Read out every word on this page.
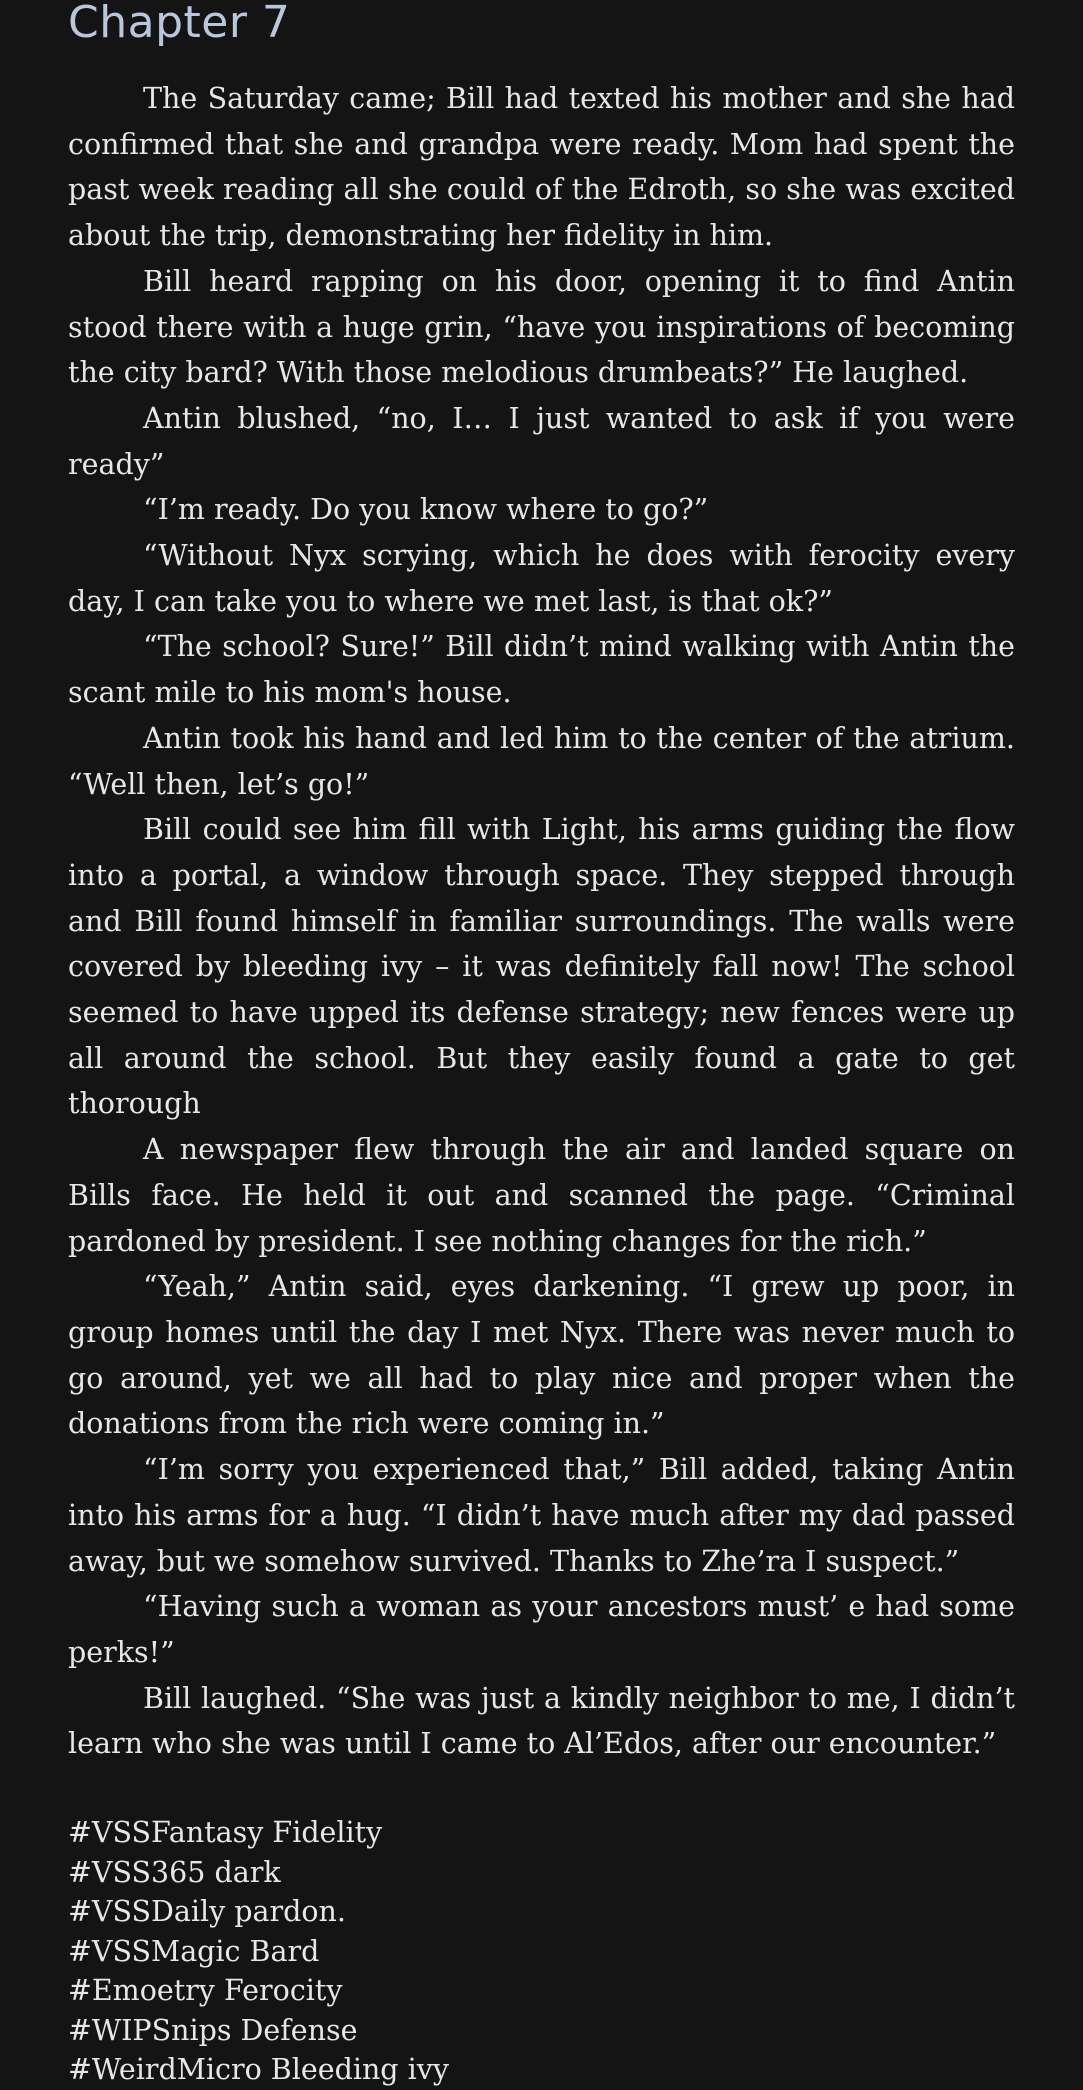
Chapter 7

The Saturday came; Bill had texted his mother and she had confirmed that she and grandpa were ready. Mom had spent the past week reading all she could of the Edroth, so she was excited about the trip, demonstrating her fidelity in him.

Bill heard rapping on his door, opening it to find Antin stood there with a huge grin, “have you inspirations of becoming the city bard? With those melodious drumbeats?” He laughed.

Antin blushed, “no, I… I just wanted to ask if you were ready”

“I’m ready. Do you know where to go?”

“Without Nyx scrying, which he does with ferocity every day, I can take you to where we met last, is that ok?”

“The school? Sure!” Bill didn’t mind walking with Antin the scant mile to his mom's house.

Antin took his hand and led him to the center of the atrium. “Well then, let’s go!”

Bill could see him fill with Light, his arms guiding the flow into a portal, a window through space. They stepped through and Bill found himself in familiar surroundings. The walls were covered by bleeding ivy – it was definitely fall now! The school seemed to have upped its defense strategy; new fences were up all around the school. But they easily found a gate to get thorough

A newspaper flew through the air and landed square on Bills face. He held it out and scanned the page. “Criminal pardoned by president. I see nothing changes for the rich.”

“Yeah,” Antin said, eyes darkening. “I grew up poor, in group homes until the day I met Nyx. There was never much to go around, yet we all had to play nice and proper when the donations from the rich were coming in.”

“I’m sorry you experienced that,” Bill added, taking Antin into his arms for a hug. “I didn’t have much after my dad passed away, but we somehow survived. Thanks to Zhe’ra I suspect.”

“Having such a woman as your ancestors must’ e had some perks!”

Bill laughed. “She was just a kindly neighbor to me, I didn’t learn who she was until I came to Al’Edos, after our encounter.”

#VSSFantasy Fidelity
#VSS365 dark
#VSSDaily pardon.
#VSSMagic Bard
#Emoetry Ferocity
#WIPSnips Defense
#WeirdMicro Bleeding ivy
